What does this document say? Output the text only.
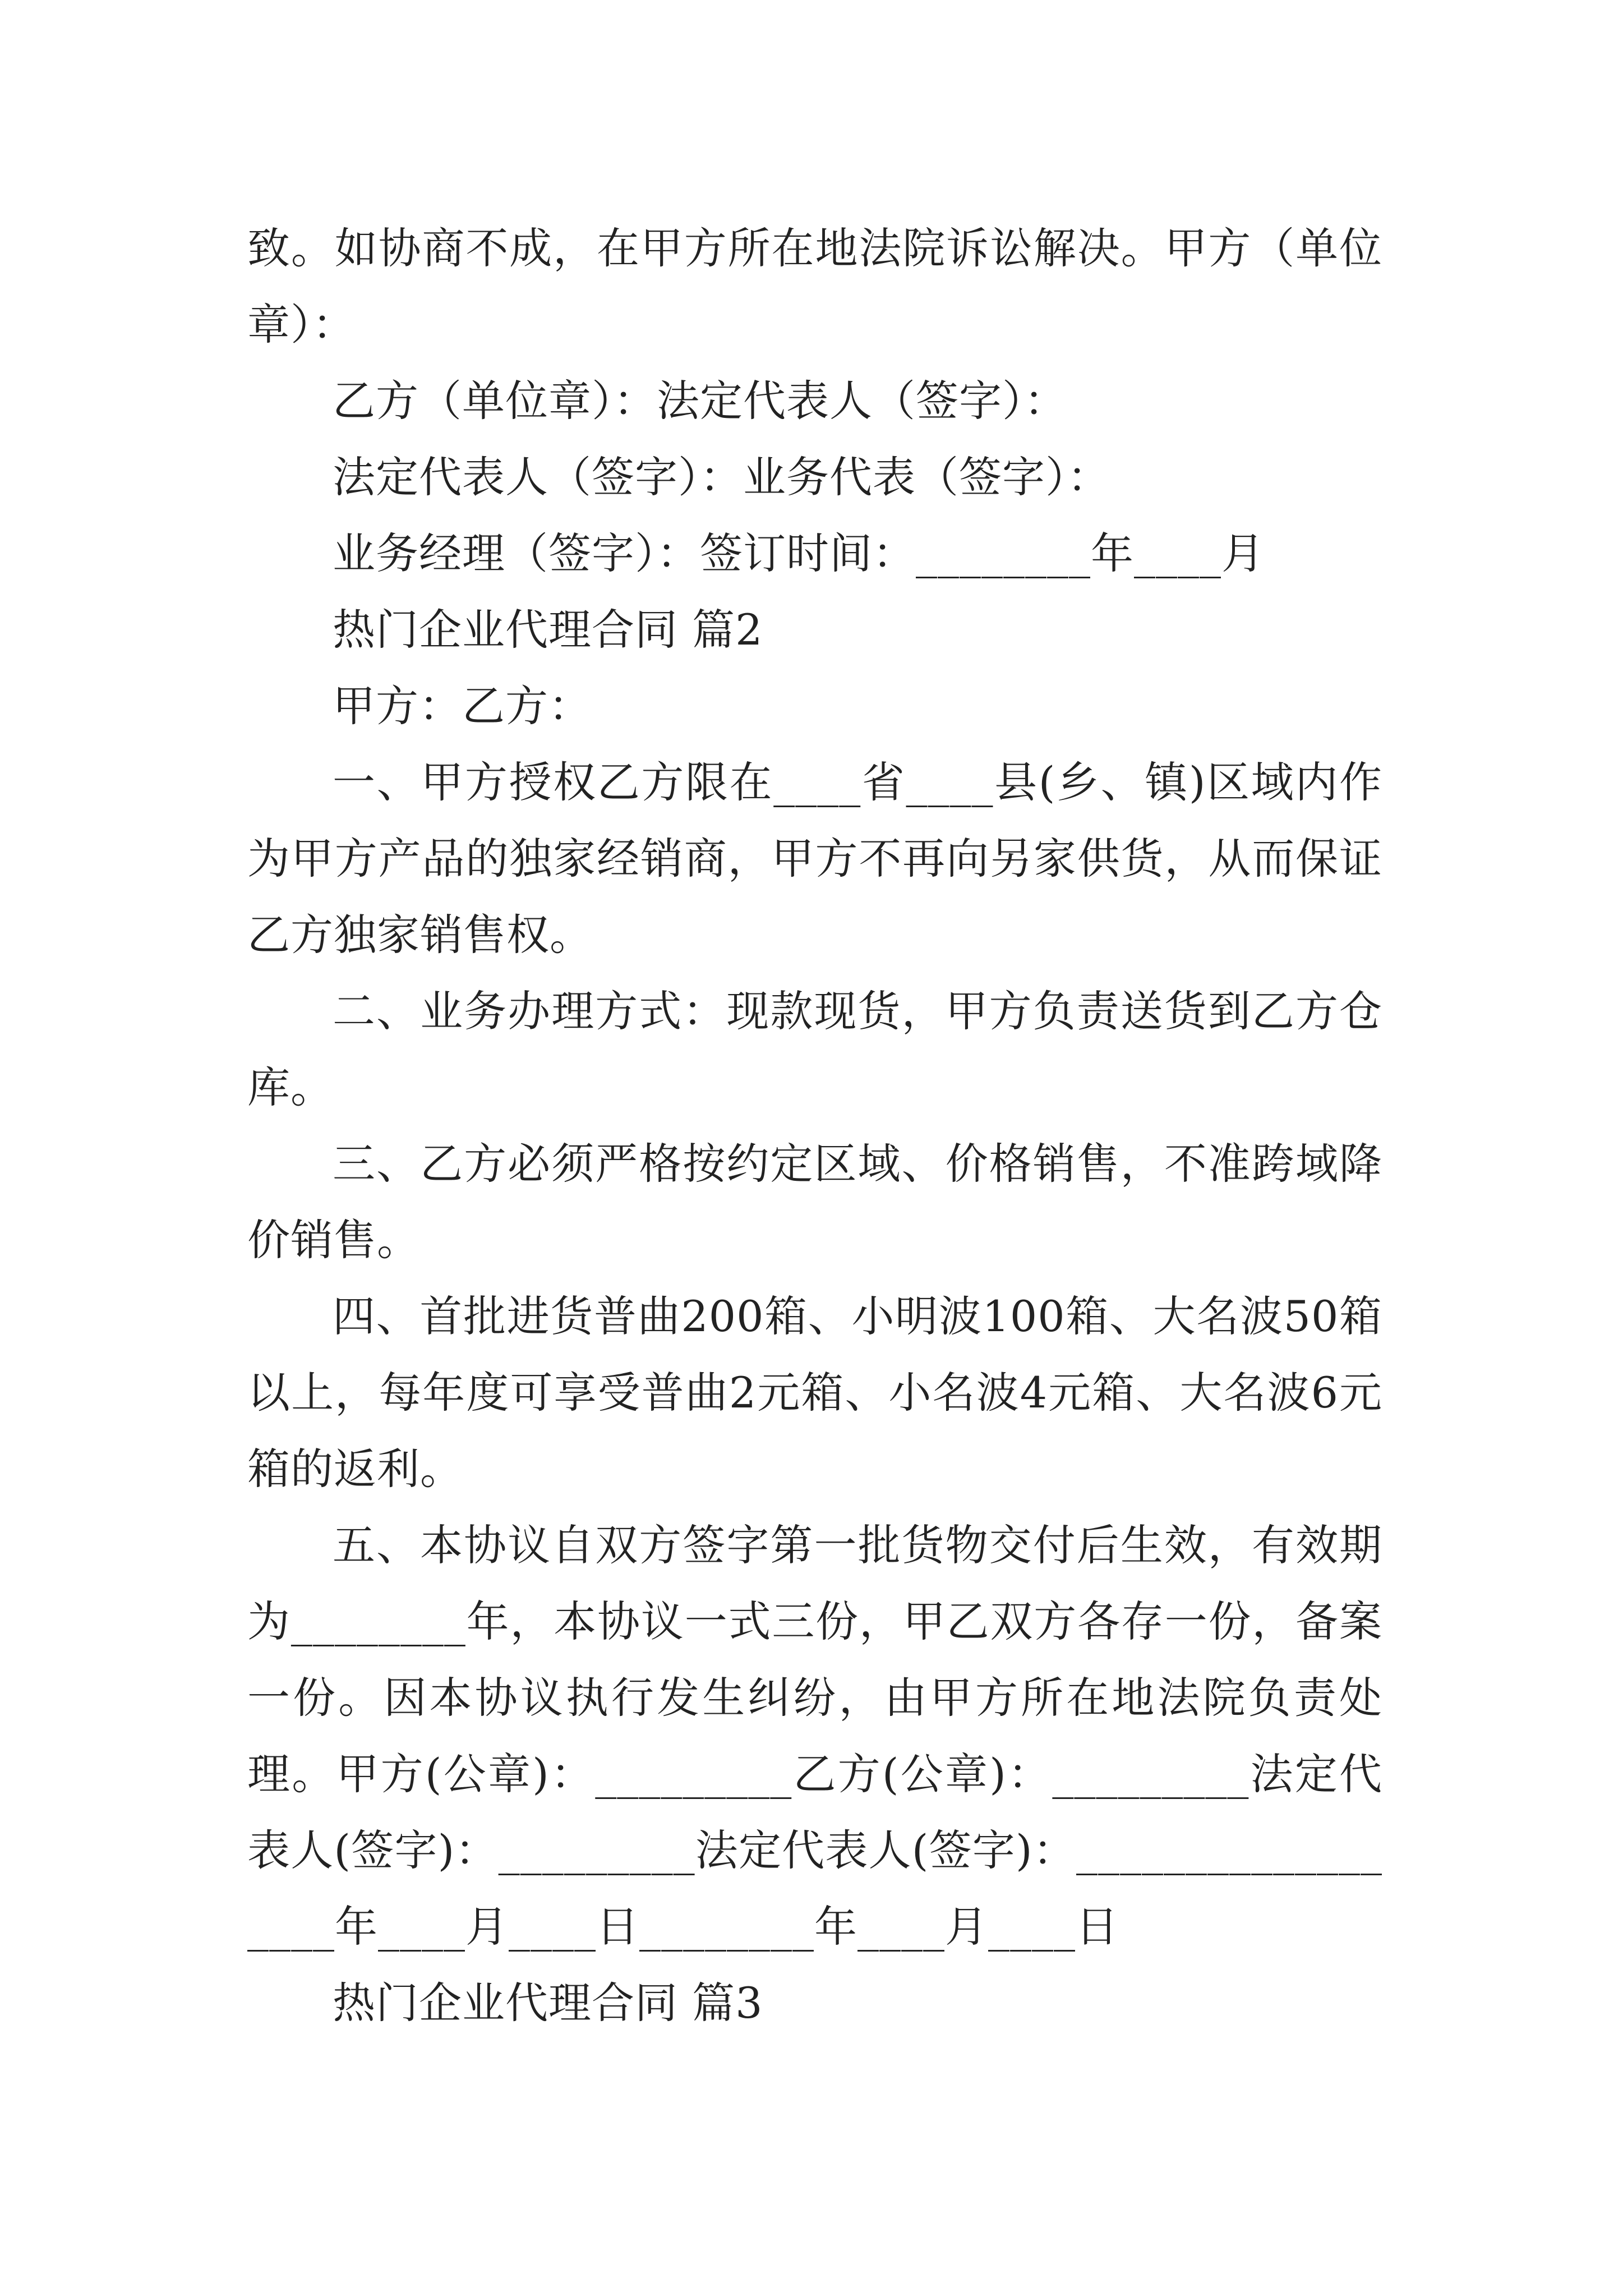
致。如协商不成，在甲方所在地法院诉讼解决。甲方（单位章）：

乙方（单位章）：法定代表人（签字）：

法定代表人（签字）：业务代表（签字）：

业务经理（签字）：签订时间：________年____月

热门企业代理合同 篇2

甲方：乙方：

一、甲方授权乙方限在____省____县(乡、镇)区域内作为甲方产品的独家经销商，甲方不再向另家供货，从而保证乙方独家销售权。

二、业务办理方式：现款现货，甲方负责送货到乙方仓库。

三、乙方必须严格按约定区域、价格销售，不准跨域降价销售。

四、首批进货普曲200箱、小明波100箱、大名波50箱以上，每年度可享受普曲2元箱、小名波4元箱、大名波6元箱的返利。

五、本协议自双方签字第一批货物交付后生效，有效期为________年，本协议一式三份，甲乙双方各存一份，备案一份。因本协议执行发生纠纷，由甲方所在地法院负责处理。甲方(公章)：_________乙方(公章)：_________法定代表人(签字)：_________法定代表人(签字)：__________________年____月____日________年____月____日

热门企业代理合同 篇3
